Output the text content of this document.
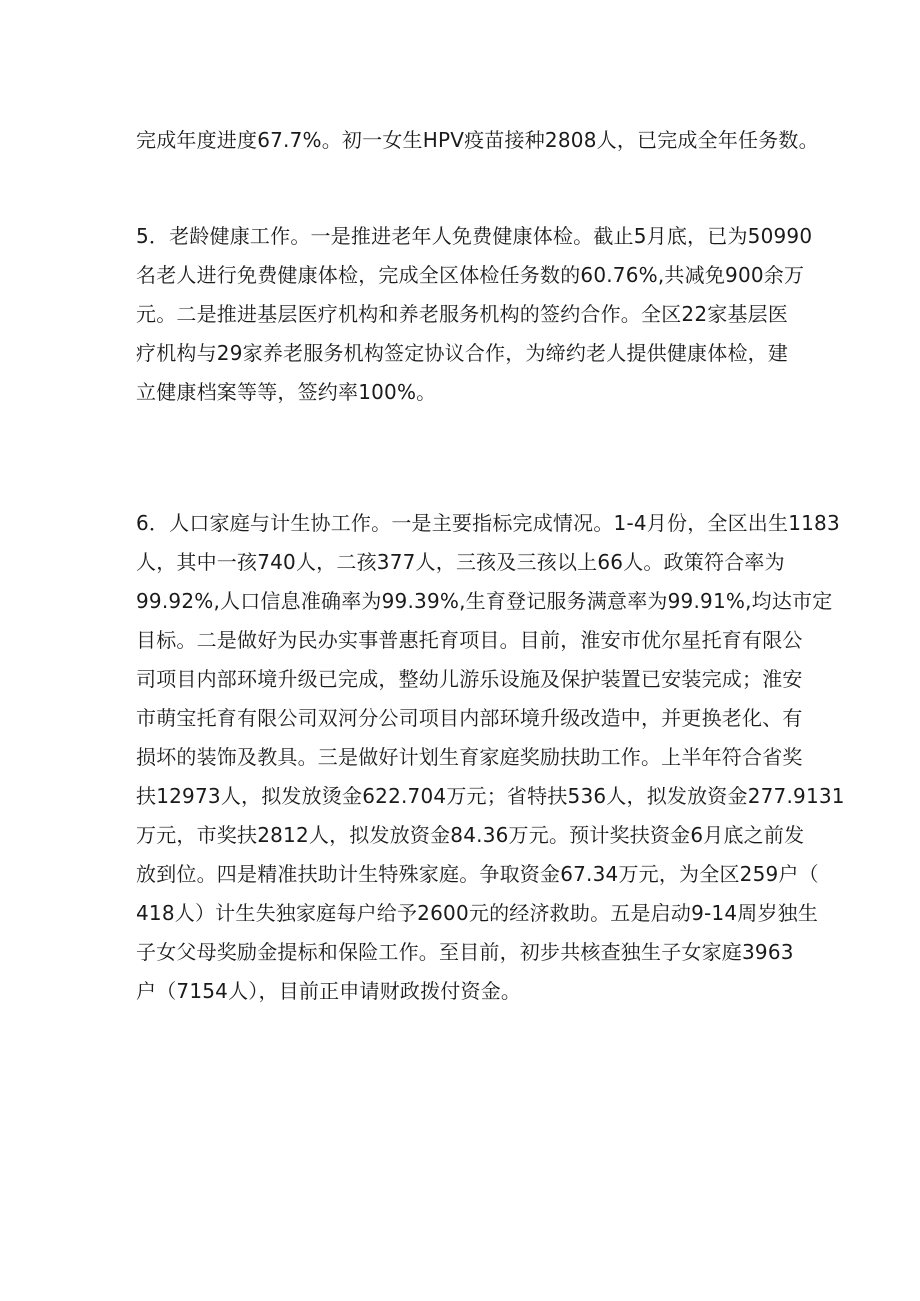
完成年度进度67.7%。初一女生HPV疫苗接种2808人，已完成全年任务数。
5．老龄健康工作。一是推进老年人免费健康体检。截止5月底，已为50990
名老人进行免费健康体检，完成全区体检任务数的60.76%,共减免900余万
元。二是推进基层医疗机构和养老服务机构的签约合作。全区22家基层医
疗机构与29家养老服务机构签定协议合作，为缔约老人提供健康体检，建
立健康档案等等，签约率100%。
6．人口家庭与计生协工作。一是主要指标完成情况。1-4月份，全区出生1183
人，其中一孩740人，二孩377人，三孩及三孩以上66人。政策符合率为
99.92%,人口信息准确率为99.39%,生育登记服务满意率为99.91%,均达市定
目标。二是做好为民办实事普惠托育项目。目前，淮安市优尔星托育有限公
司项目内部环境升级已完成，整幼儿游乐设施及保护装置已安装完成；淮安
市萌宝托育有限公司双河分公司项目内部环境升级改造中，并更换老化、有
损坏的装饰及教具。三是做好计划生育家庭奖励扶助工作。上半年符合省奖
扶12973人，拟发放烫金622.704万元；省特扶536人，拟发放资金277.9131
万元，市奖扶2812人，拟发放资金84.36万元。预计奖扶资金6月底之前发
放到位。四是精准扶助计生特殊家庭。争取资金67.34万元，为全区259户（
418人）计生失独家庭每户给予2600元的经济救助。五是启动9-14周岁独生
子女父母奖励金提标和保险工作。至目前，初步共核查独生子女家庭3963
户（7154人），目前正申请财政拨付资金。
